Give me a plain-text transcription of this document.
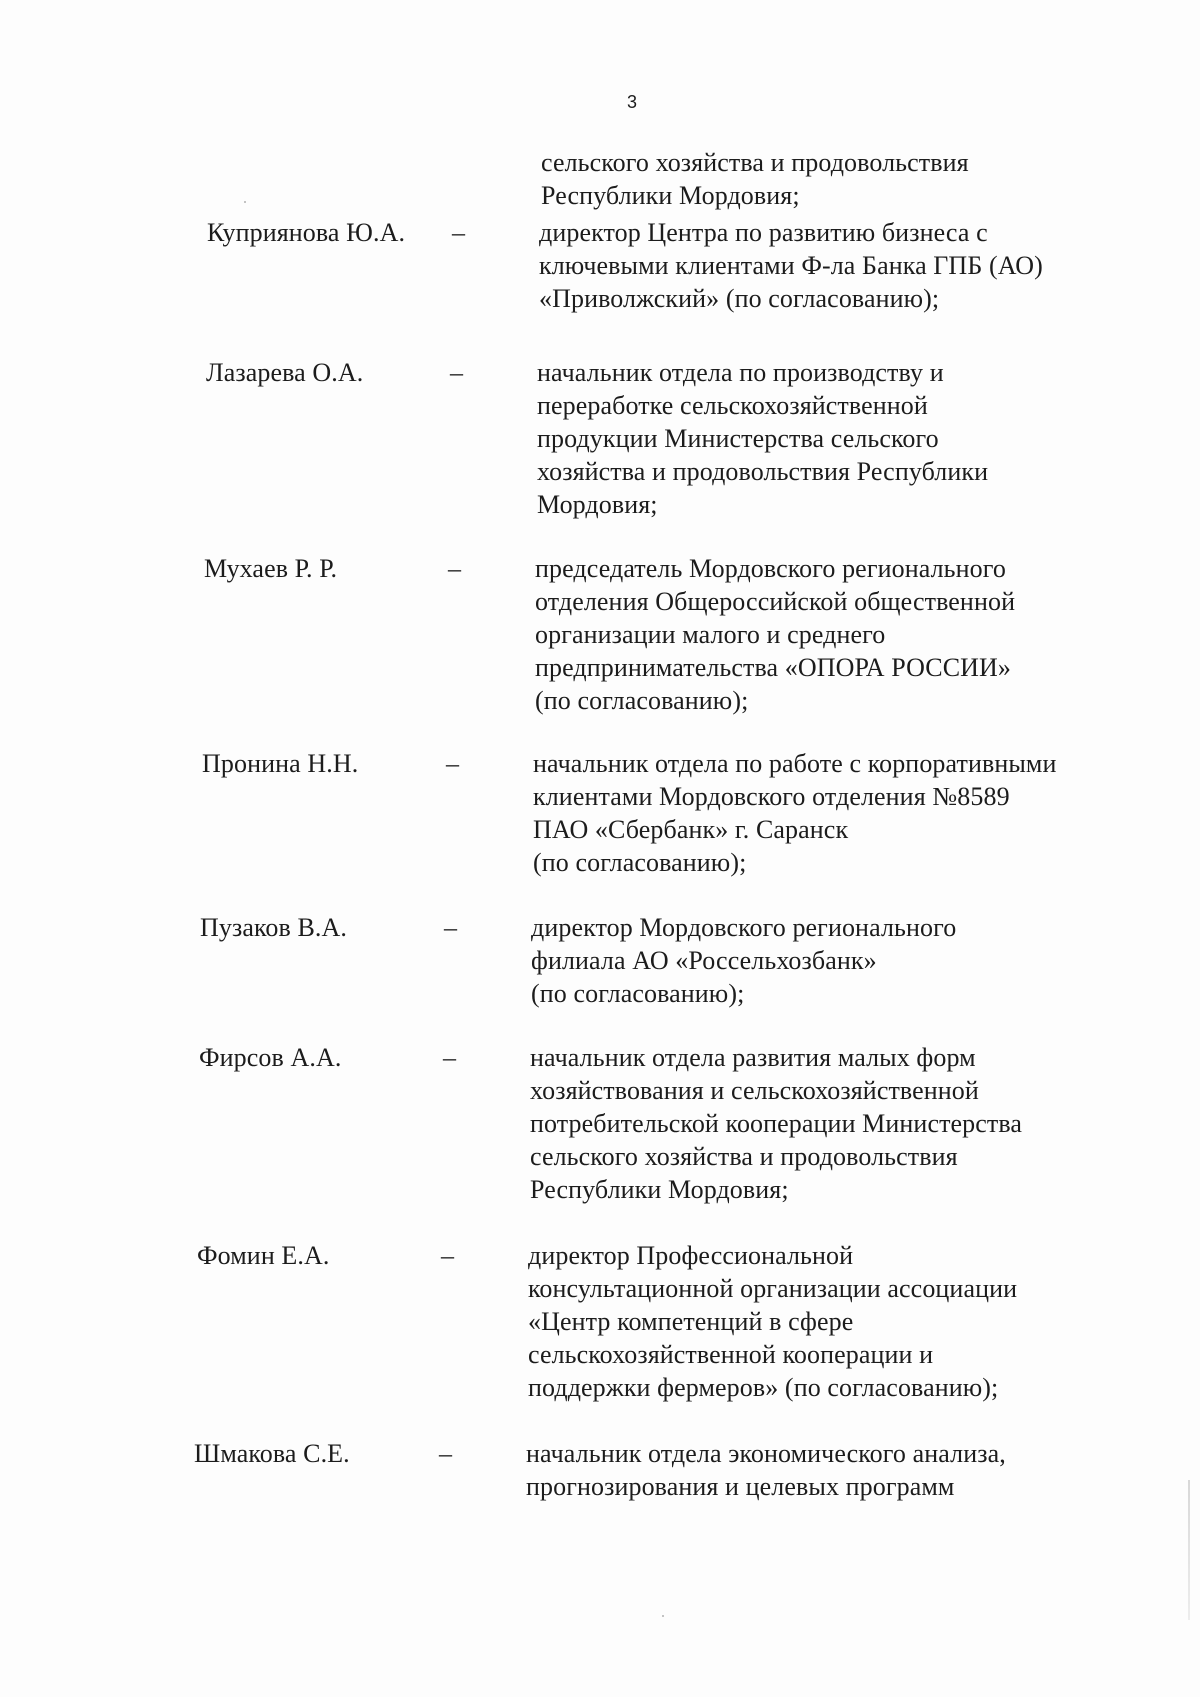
3
сельского хозяйства и продовольствия
Республики Мордовия;
Куприянова Ю.А. –	директор Центра по развитию бизнеса с
ключевыми клиентами Ф-ла Банка ГПБ (АО)
«Приволжский» (по согласованию);
Лазарева О.А.	–	начальник отдела по производству и
переработке сельскохозяйственной
продукции Министерства сельского
хозяйства и продовольствия Республики
Мордовия;
Мухаев Р. Р.	–	председатель Мордовского регионального
отделения Общероссийской общественной
организации малого и среднего
предпринимательства «ОПОРА РОССИИ»
(по согласованию);
Пронина Н.Н.	–	начальник отдела по работе с корпоративными
клиентами Мордовского отделения №8589
ПАО «Сбербанк» г. Саранск
(по согласованию);
Пузаков В.А.	–	директор Мордовского регионального
филиала АО «Россельхозбанк»
(по согласованию);
Фирсов А.А.	–	начальник отдела развития малых форм
хозяйствования и сельскохозяйственной
потребительской кооперации Министерства
сельского хозяйства и продовольствия
Республики Мордовия;
Фомин Е.А.	–	директор Профессиональной
консультационной организации ассоциации
«Центр компетенций в сфере
сельскохозяйственной кооперации и
поддержки фермеров» (по согласованию);
Шмакова С.Е.	–	начальник отдела экономического анализа,
прогнозирования и целевых программ
